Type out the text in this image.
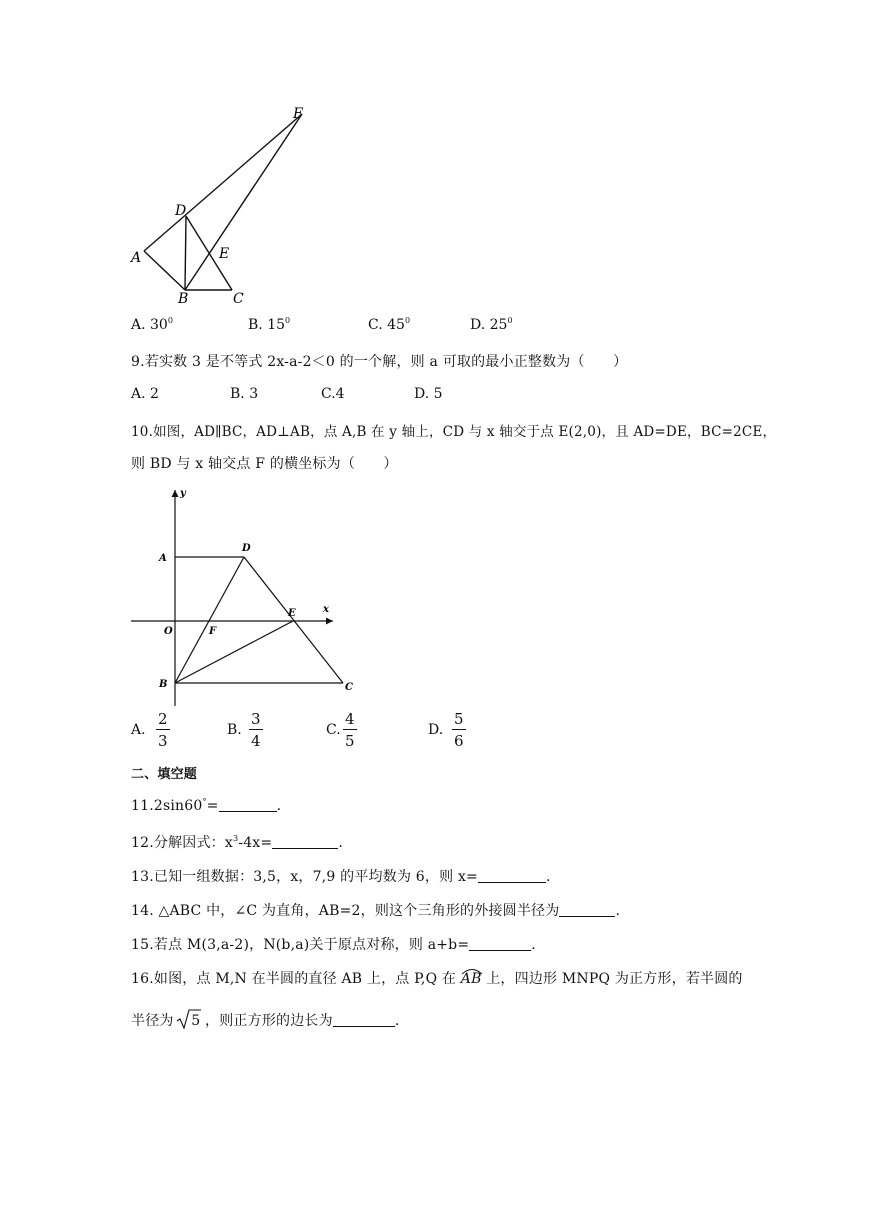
F
D
E
A
B	C
A. $30^0$	B. $15^0$	C. $45^0$	D. $25^0$
9.若实数 3 是不等式 2x-a-2＜0 的一个解，则 a 可取的最小正整数为（　　）
A. 2	B. 3	C.4	D. 5
10.如图，AD∥BC，AD⊥AB，点 A,B 在 y 轴上，CD 与 x 轴交于点 E(2,0)，且 AD=DE，BC=2CE，
则 BD 与 x 轴交点 F 的横坐标为（　　）
y
x
A
D
O	F
E
B	C
A. $\frac{2}{3}$	B. $\frac{3}{4}$	C. $\frac{4}{5}$	D. $\frac{5}{6}$
二、填空题
11.2sin60°=	.
12.分解因式：$x^3-4x=$	.
13.已知一组数据：3,5，x，7,9 的平均数为 6，则 x=	.
14. △ABC 中，∠C 为直角，AB=2，则这个三角形的外接圆半径为	.
15.若点 M(3,a-2)，N(b,a)关于原点对称，则 a+b=	.
16.如图，点 M,N 在半圆的直径 AB 上，点 P,Q 在 AB 上，四边形 MNPQ 为正方形，若半圆的
半径为 5 ，则正方形的边长为	.
